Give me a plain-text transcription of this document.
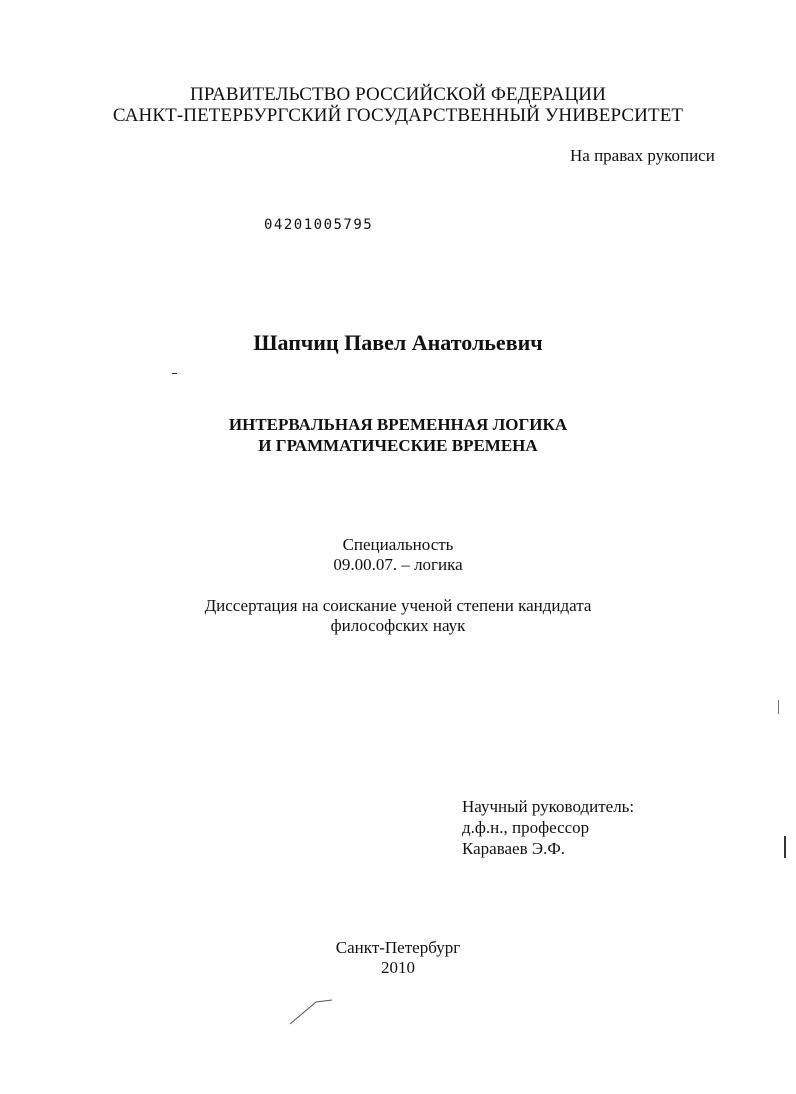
ПРАВИТЕЛЬСТВО РОССИЙСКОЙ ФЕДЕРАЦИИ
САНКТ-ПЕТЕРБУРГСКИЙ ГОСУДАРСТВЕННЫЙ УНИВЕРСИТЕТ
На правах рукописи
04201005795
Шапчиц Павел Анатольевич
ИНТЕРВАЛЬНАЯ ВРЕМЕННАЯ ЛОГИКА
И ГРАММАТИЧЕСКИЕ ВРЕМЕНА
Специальность
09.00.07. – логика
Диссертация на соискание ученой степени кандидата
философских наук
Научный руководитель:
д.ф.н., профессор
Караваев Э.Ф.
Санкт-Петербург
2010
